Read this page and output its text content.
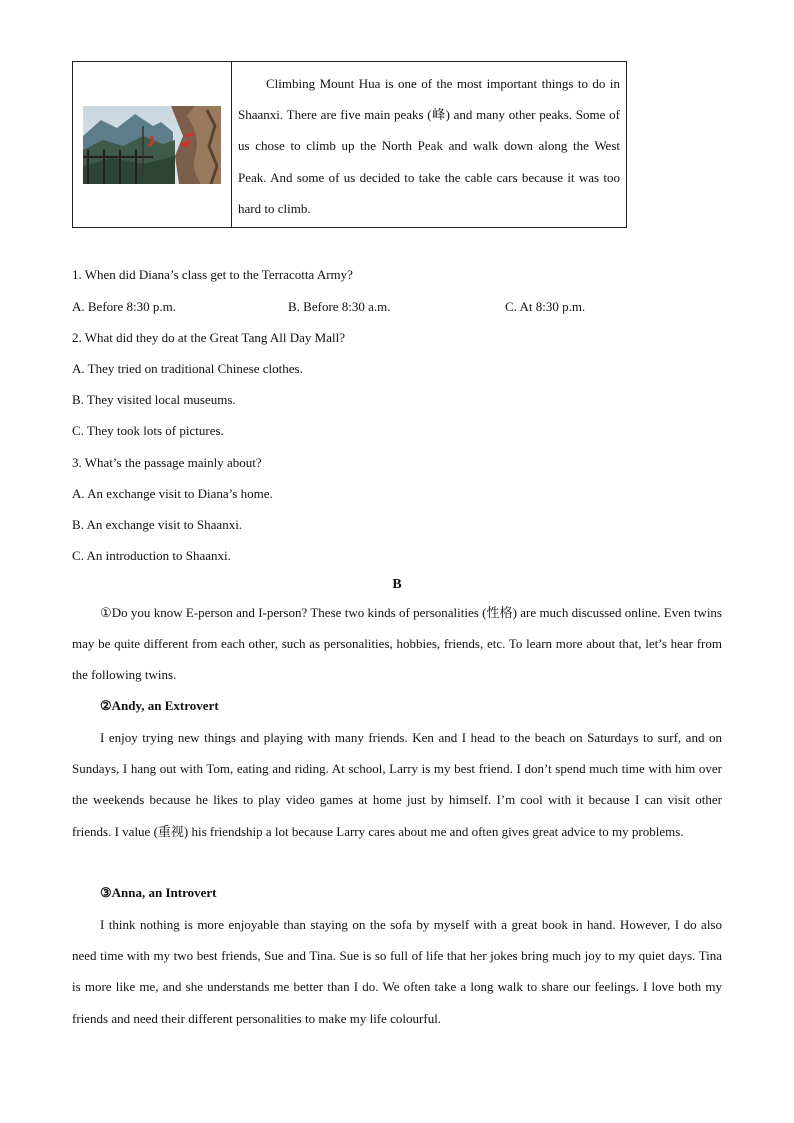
Climbing Mount Hua is one of the most important things to do in Shaanxi. There are five main peaks (峰) and many other peaks. Some of us chose to climb up the North Peak and walk down along the West Peak. And some of us decided to take the cable cars because it was too hard to climb.

1. When did Diana’s class get to the Terracotta Army?
A. Before 8:30 p.m.	B. Before 8:30 a.m.	C. At 8:30 p.m.
2. What did they do at the Great Tang All Day Mall?
A. They tried on traditional Chinese clothes.
B. They visited local museums.
C. They took lots of pictures.
3. What’s the passage mainly about?
A. An exchange visit to Diana’s home.
B. An exchange visit to Shaanxi.
C. An introduction to Shaanxi.
B

①Do you know E-person and I-person? These two kinds of personalities (性格) are much discussed online. Even twins may be quite different from each other, such as personalities, hobbies, friends, etc. To learn more about that, let’s hear from the following twins.

②Andy, an Extrovert

I enjoy trying new things and playing with many friends. Ken and I head to the beach on Saturdays to surf, and on Sundays, I hang out with Tom, eating and riding. At school, Larry is my best friend. I don’t spend much time with him over the weekends because he likes to play video games at home just by himself. I’m cool with it because I can visit other friends. I value (重视) his friendship a lot because Larry cares about me and often gives great advice to my problems.

③Anna, an Introvert

I think nothing is more enjoyable than staying on the sofa by myself with a great book in hand. However, I do also need time with my two best friends, Sue and Tina. Sue is so full of life that her jokes bring much joy to my quiet days. Tina is more like me, and she understands me better than I do. We often take a long walk to share our feelings. I love both my friends and need their different personalities to make my life colourful.
